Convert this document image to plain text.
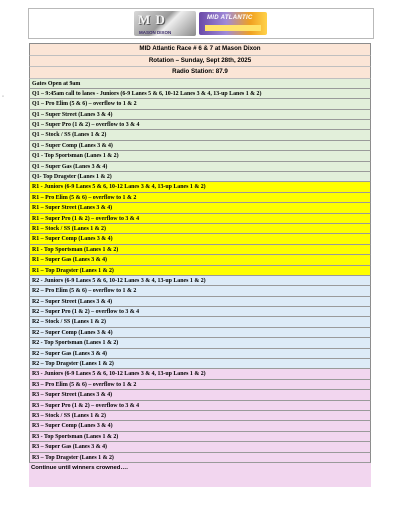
◦
M D
MASON DIXON
MID ATLANTIC
MID Atlantic Race # 6 & 7 at Mason Dixon
Rotation – Sunday, Sept 28th, 2025
Radio Station: 87.9
Gates Open at 9am
Q1 – 9:45am call to lanes - Juniors (6-9 Lanes 5 & 6, 10-12 Lanes 3 & 4, 13-up Lanes 1 & 2)
Q1 – Pro Elim (5 & 6) – overflow to 1 & 2
Q1 – Super Street (Lanes 3 & 4)
Q1 – Super Pro (1 & 2) – overflow to 3 & 4
Q1 – Stock / SS (Lanes 1 & 2)
Q1 – Super Comp (Lanes 3 & 4)
Q1 - Top Sportsman (Lanes 1 & 2)
Q1 – Super Gas (Lanes 3 & 4)
Q1- Top Dragster (Lanes 1 & 2)
R1 - Juniors (6-9 Lanes 5 & 6, 10-12 Lanes 3 & 4, 13-up Lanes 1 & 2)
R1 – Pro Elim (5 & 6) – overflow to 1 & 2
R1 – Super Street (Lanes 3 & 4)
R1 – Super Pro (1 & 2) – overflow to 3 & 4
R1 – Stock / SS (Lanes 1 & 2)
R1 – Super Comp (Lanes 3 & 4)
R1 - Top Sportsman (Lanes 1 & 2)
R1 – Super Gas (Lanes 3 & 4)
R1 – Top Dragster (Lanes 1 & 2)
R2 - Juniors (6-9 Lanes 5 & 6, 10-12 Lanes 3 & 4, 13-up Lanes 1 & 2)
R2 – Pro Elim (5 & 6) – overflow to 1 & 2
R2 – Super Street (Lanes 3 & 4)
R2 – Super Pro (1 & 2) – overflow to 3 & 4
R2 – Stock / SS (Lanes 1 & 2)
R2 – Super Comp (Lanes 3 & 4)
R2 - Top Sportsman (Lanes 1 & 2)
R2 – Super Gas (Lanes 3 & 4)
R2 – Top Dragster (Lanes 1 & 2)
R3 - Juniors (6-9 Lanes 5 & 6, 10-12 Lanes 3 & 4, 13-up Lanes 1 & 2)
R3 – Pro Elim (5 & 6) – overflow to 1 & 2
R3 – Super Street (Lanes 3 & 4)
R3 – Super Pro (1 & 2) – overflow to 3 & 4
R3 – Stock / SS (Lanes 1 & 2)
R3 – Super Comp (Lanes 3 & 4)
R3 - Top Sportsman (Lanes 1 & 2)
R3 – Super Gas (Lanes 3 & 4)
R3 – Top Dragster (Lanes 1 & 2)
Continue until winners crowned….
